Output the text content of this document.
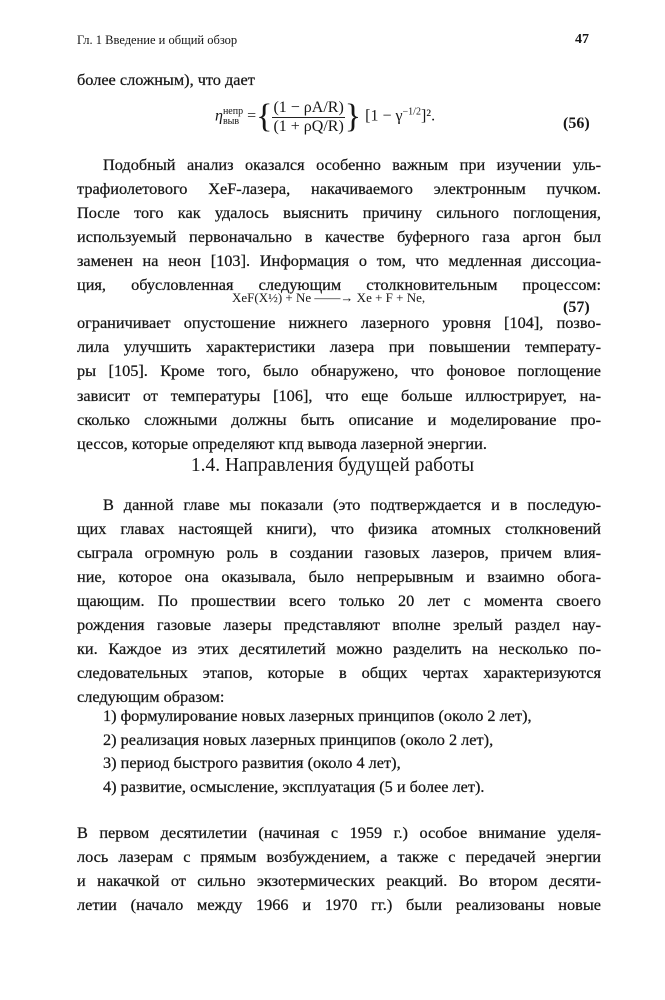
Гл. 1 Введение и общий обзор	47
более сложным), что дает
η непр
выв ={ $\frac{(1 - \rho A/R)}{(1 + \rho Q/R)}$ } $[1 - \gamma^{-1/2}]^2$.	(56)
XeF(X½) + Ne ——→ Xe + F + Ne,
(57)
1.4. Направления будущей работы
Подобный анализ оказался особенно важным при изучении уль-
трафиолетового XeF-лазера, накачиваемого электронным пучком.
После того как удалось выяснить причину сильного поглощения,
используемый первоначально в качестве буферного газа аргон был
заменен на неон [103]. Информация о том, что медленная диссоциа-
ция, обусловленная следующим столкновительным процессом:
ограничивает опустошение нижнего лазерного уровня [104], позво-
лила улучшить характеристики лазера при повышении температу-
ры [105]. Кроме того, было обнаружено, что фоновое поглощение
зависит от температуры [106], что еще больше иллюстрирует, на-
сколько сложными должны быть описание и моделирование про-
цессов, которые определяют кпд вывода лазерной энергии.
В данной главе мы показали (это подтверждается и в последую-
щих главах настоящей книги), что физика атомных столкновений
сыграла огромную роль в создании газовых лазеров, причем влия-
ние, которое она оказывала, было непрерывным и взаимно обога-
щающим. По прошествии всего только 20 лет с момента своего
рождения газовые лазеры представляют вполне зрелый раздел нау-
ки. Каждое из этих десятилетий можно разделить на несколько по-
следовательных этапов, которые в общих чертах характеризуются
следующим образом:
В первом десятилетии (начиная с 1959 г.) особое внимание уделя-
лось лазерам с прямым возбуждением, а также с передачей энергии
и накачкой от сильно экзотермических реакций. Во втором десяти-
летии (начало между 1966 и 1970 гг.) были реализованы новые
1) формулирование новых лазерных принципов (около 2 лет),
2) реализация новых лазерных принципов (около 2 лет),
3) период быстрого развития (около 4 лет),
4) развитие, осмысление, эксплуатация (5 и более лет).
